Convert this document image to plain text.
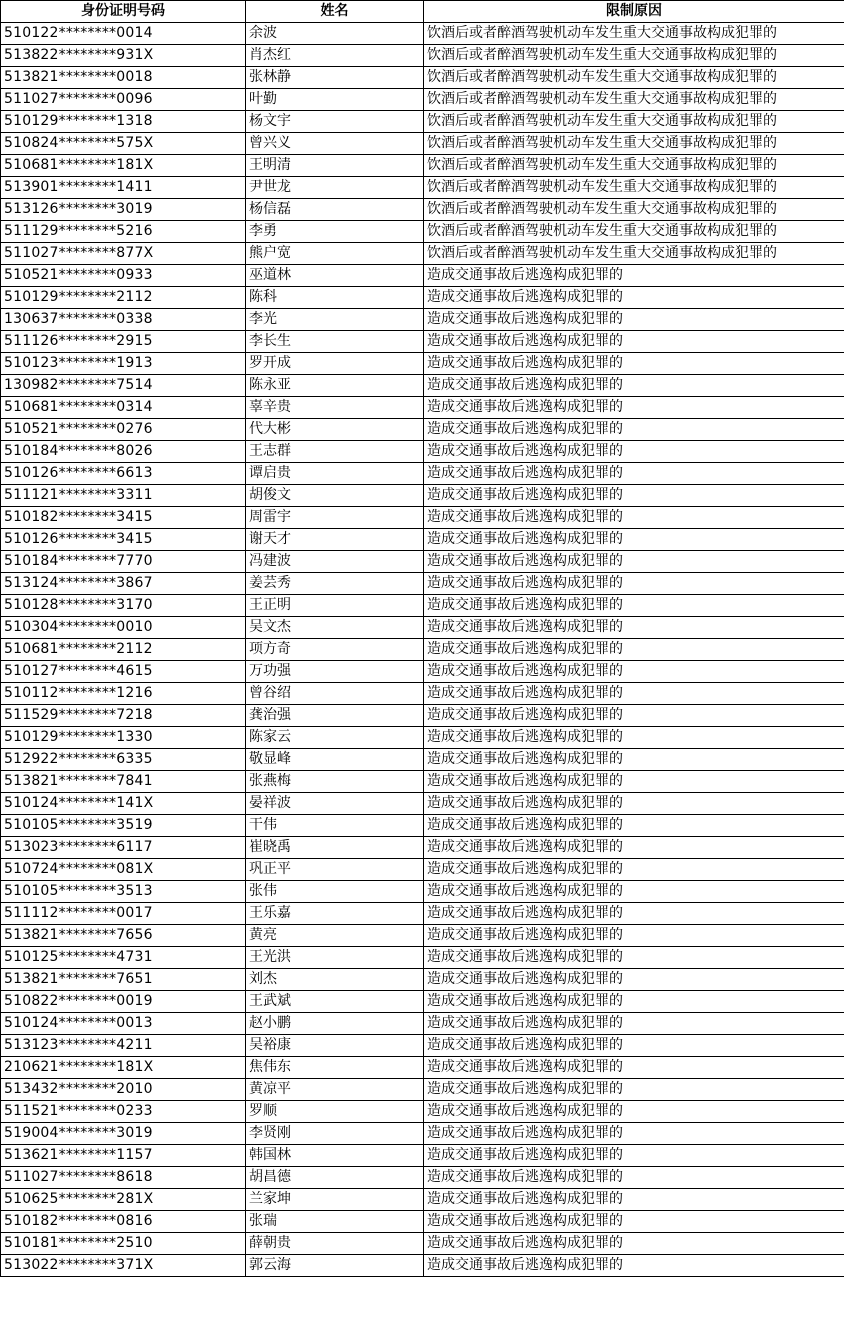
身份证明号码	姓名	限制原因
510122********0014	余波	饮酒后或者醉酒驾驶机动车发生重大交通事故构成犯罪的
513822********931X	肖杰红	饮酒后或者醉酒驾驶机动车发生重大交通事故构成犯罪的
513821********0018	张林静	饮酒后或者醉酒驾驶机动车发生重大交通事故构成犯罪的
511027********0096	叶勤	饮酒后或者醉酒驾驶机动车发生重大交通事故构成犯罪的
510129********1318	杨文宇	饮酒后或者醉酒驾驶机动车发生重大交通事故构成犯罪的
510824********575X	曾兴义	饮酒后或者醉酒驾驶机动车发生重大交通事故构成犯罪的
510681********181X	王明清	饮酒后或者醉酒驾驶机动车发生重大交通事故构成犯罪的
513901********1411	尹世龙	饮酒后或者醉酒驾驶机动车发生重大交通事故构成犯罪的
513126********3019	杨信磊	饮酒后或者醉酒驾驶机动车发生重大交通事故构成犯罪的
511129********5216	李勇	饮酒后或者醉酒驾驶机动车发生重大交通事故构成犯罪的
511027********877X	熊户宽	饮酒后或者醉酒驾驶机动车发生重大交通事故构成犯罪的
510521********0933	巫道林	造成交通事故后逃逸构成犯罪的
510129********2112	陈科	造成交通事故后逃逸构成犯罪的
130637********0338	李光	造成交通事故后逃逸构成犯罪的
511126********2915	李长生	造成交通事故后逃逸构成犯罪的
510123********1913	罗开成	造成交通事故后逃逸构成犯罪的
130982********7514	陈永亚	造成交通事故后逃逸构成犯罪的
510681********0314	辜辛贵	造成交通事故后逃逸构成犯罪的
510521********0276	代大彬	造成交通事故后逃逸构成犯罪的
510184********8026	王志群	造成交通事故后逃逸构成犯罪的
510126********6613	谭启贵	造成交通事故后逃逸构成犯罪的
511121********3311	胡俊文	造成交通事故后逃逸构成犯罪的
510182********3415	周雷宇	造成交通事故后逃逸构成犯罪的
510126********3415	谢天才	造成交通事故后逃逸构成犯罪的
510184********7770	冯建波	造成交通事故后逃逸构成犯罪的
513124********3867	姜芸秀	造成交通事故后逃逸构成犯罪的
510128********3170	王正明	造成交通事故后逃逸构成犯罪的
510304********0010	吴文杰	造成交通事故后逃逸构成犯罪的
510681********2112	项方奇	造成交通事故后逃逸构成犯罪的
510127********4615	万功强	造成交通事故后逃逸构成犯罪的
510112********1216	曾谷绍	造成交通事故后逃逸构成犯罪的
511529********7218	龚治强	造成交通事故后逃逸构成犯罪的
510129********1330	陈家云	造成交通事故后逃逸构成犯罪的
512922********6335	敬显峰	造成交通事故后逃逸构成犯罪的
513821********7841	张燕梅	造成交通事故后逃逸构成犯罪的
510124********141X	晏祥波	造成交通事故后逃逸构成犯罪的
510105********3519	干伟	造成交通事故后逃逸构成犯罪的
513023********6117	崔晓禹	造成交通事故后逃逸构成犯罪的
510724********081X	巩正平	造成交通事故后逃逸构成犯罪的
510105********3513	张伟	造成交通事故后逃逸构成犯罪的
511112********0017	王乐嘉	造成交通事故后逃逸构成犯罪的
513821********7656	黄亮	造成交通事故后逃逸构成犯罪的
510125********4731	王光洪	造成交通事故后逃逸构成犯罪的
513821********7651	刘杰	造成交通事故后逃逸构成犯罪的
510822********0019	王武斌	造成交通事故后逃逸构成犯罪的
510124********0013	赵小鹏	造成交通事故后逃逸构成犯罪的
513123********4211	吴裕康	造成交通事故后逃逸构成犯罪的
210621********181X	焦伟东	造成交通事故后逃逸构成犯罪的
513432********2010	黄凉平	造成交通事故后逃逸构成犯罪的
511521********0233	罗顺	造成交通事故后逃逸构成犯罪的
519004********3019	李贤刚	造成交通事故后逃逸构成犯罪的
513621********1157	韩国林	造成交通事故后逃逸构成犯罪的
511027********8618	胡昌德	造成交通事故后逃逸构成犯罪的
510625********281X	兰家坤	造成交通事故后逃逸构成犯罪的
510182********0816	张瑞	造成交通事故后逃逸构成犯罪的
510181********2510	薛朝贵	造成交通事故后逃逸构成犯罪的
513022********371X	郭云海	造成交通事故后逃逸构成犯罪的
